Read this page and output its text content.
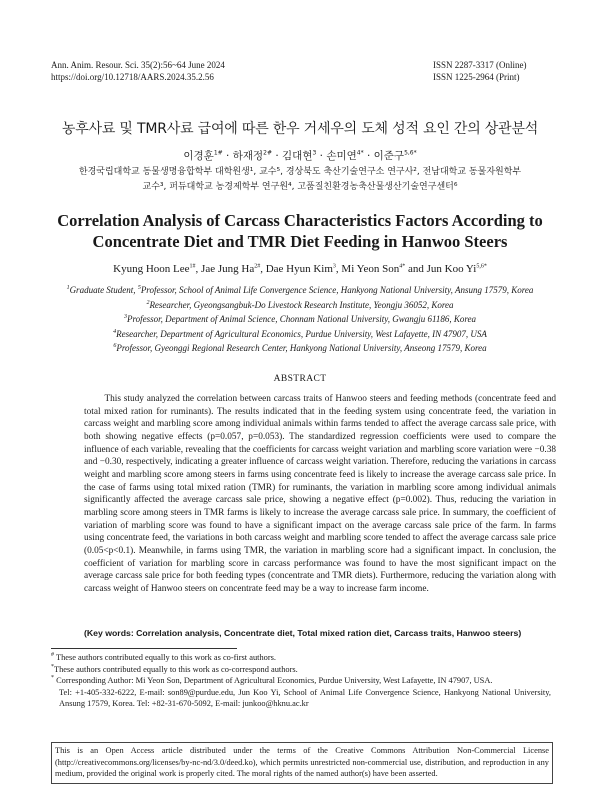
Ann. Anim. Resour. Sci. 35(2):56~64 June 2024
https://doi.org/10.12718/AARS.2024.35.2.56
ISSN 2287-3317 (Online)
ISSN 1225-2964 (Print)
농후사료 및 TMR사료 급여에 따른 한우 거세우의 도체 성적 요인 간의 상관분석
이경훈$^{1\#}$ · 하재정$^{2\#}$ · 김대현$^3$ · 손미연$^{4*}$ · 이준구$^{5,6*}$
한경국립대학교 동물생명융합학부 대학원생¹, 교수⁵, 경상북도 축산기술연구소 연구사², 전남대학교 동물자원학부
교수³, 퍼듀대학교 농경제학부 연구원⁴, 고품질친환경농축산물생산기술연구센터⁶
Correlation Analysis of Carcass Characteristics Factors According to
Concentrate Diet and TMR Diet Feeding in Hanwoo Steers
Kyung Hoon Lee$^{1\#}$, Jae Jung $Ha^{2\#}$, Dae Hyun Kim$^3$, Mi Yeon Son$^{4*}$ and Jun Koo $Yi^{5,6*}$
$^1$Graduate Student, $^5$Professor, School of Animal Life Convergence Science, Hankyong National University, Ansung 17579, Korea
$^2$Researcher, Gyeongsangbuk-Do Livestock Research Institute, Yeongju 36052, Korea
$^3$Professor, Department of Animal Science, Chonnam National University, Gwangju 61186, Korea
$^4$Researcher, Department of Agricultural Economics, Purdue University, West Lafayette, IN 47907, USA
$^6$Professor, Gyeonggi Regional Research Center, Hankyong National University, Anseong 17579, Korea
ABSTRACT
This study analyzed the correlation between carcass traits of Hanwoo steers and feeding methods (concentrate feed and total mixed ration for ruminants). The results indicated that in the feeding system using concentrate feed, the variation in carcass weight and marbling score among individual animals within farms tended to affect the average carcass sale price, with both showing negative effects (p=0.057, p=0.053). The standardized regression coefficients were used to compare the influence of each variable, revealing that the coefficients for carcass weight variation and marbling score variation were −0.38 and −0.30, respectively, indicating a greater influence of carcass weight variation. Therefore, reducing the variations in carcass weight and marbling score among steers in farms using concentrate feed is likely to increase the average carcass sale price. In the case of farms using total mixed ration (TMR) for ruminants, the variation in marbling score among individual animals significantly affected the average carcass sale price, showing a negative effect (p=0.002). Thus, reducing the variation in marbling score among steers in TMR farms is likely to increase the average carcass sale price. In summary, the coefficient of variation of marbling score was found to have a significant impact on the average carcass sale price of the farm. In farms using concentrate feed, the variations in both carcass weight and marbling score tended to affect the average carcass sale price (0.05<p<0.1). Meanwhile, in farms using TMR, the variation in marbling score had a significant impact. In conclusion, the coefficient of variation for marbling score in carcass performance was found to have the most significant impact on the average carcass sale price for both feeding types (concentrate and TMR diets). Furthermore, reducing the variation along with carcass weight of Hanwoo steers on concentrate feed may be a way to increase farm income.
(Key words: Correlation analysis, Concentrate diet, Total mixed ration diet, Carcass traits, Hanwoo steers)
# These authors contributed equally to this work as co-first authors.
*These authors contributed equally to this work as co-correspond authors.
* Corresponding Author: Mi Yeon Son, Department of Agricultural Economics, Purdue University, West Lafayette, IN 47907, USA.
Tel: +1-405-332-6222, E-mail: son89@purdue.edu, Jun Koo Yi, School of Animal Life Convergence Science, Hankyong National University, Ansung 17579, Korea. Tel: +82-31-670-5092, E-mail: junkoo@hknu.ac.kr
This is an Open Access article distributed under the terms of the Creative Commons Attribution Non-Commercial License (http://creativecommons.org/licenses/by-nc-nd/3.0/deed.ko), which permits unrestricted non-commercial use, distribution, and reproduction in any medium, provided the original work is properly cited. The moral rights of the named author(s) have been asserted.
